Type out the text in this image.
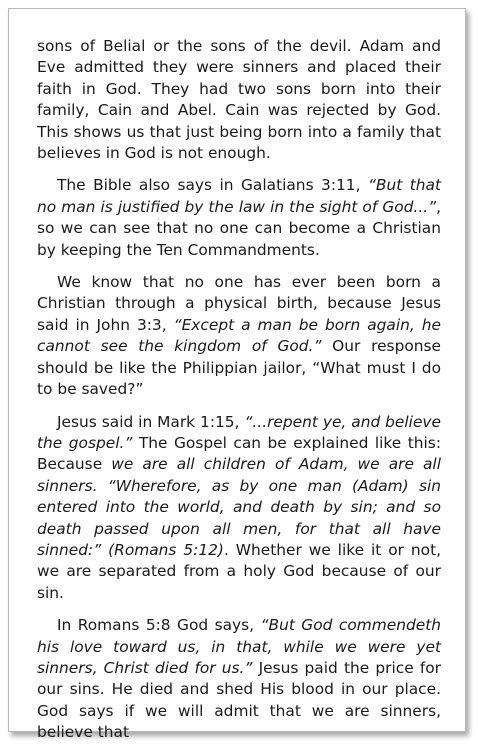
sons of Belial or the sons of the devil. Adam and Eve admitted they were sinners and placed their faith in God. They had two sons born into their family, Cain and Abel. Cain was rejected by God. This shows us that just being born into a family that believes in God is not enough.

The Bible also says in Galatians 3:11, “But that no man is justified by the law in the sight of God...”, so we can see that no one can become a Christian by keeping the Ten Commandments.

We know that no one has ever been born a Christian through a physical birth, because Jesus said in John 3:3, “Except a man be born again, he cannot see the kingdom of God.” Our response should be like the Philippian jailor, “What must I do to be saved?”

Jesus said in Mark 1:15, “...repent ye, and believe the gospel.” The Gospel can be explained like this: Because we are all children of Adam, we are all sinners. “Wherefore, as by one man (Adam) sin entered into the world, and death by sin; and so death passed upon all men, for that all have sinned:” (Romans 5:12). Whether we like it or not, we are separated from a holy God because of our sin.

In Romans 5:8 God says, “But God commendeth his love toward us, in that, while we were yet sinners, Christ died for us.” Jesus paid the price for our sins. He died and shed His blood in our place. God says if we will admit that we are sinners, believe that
